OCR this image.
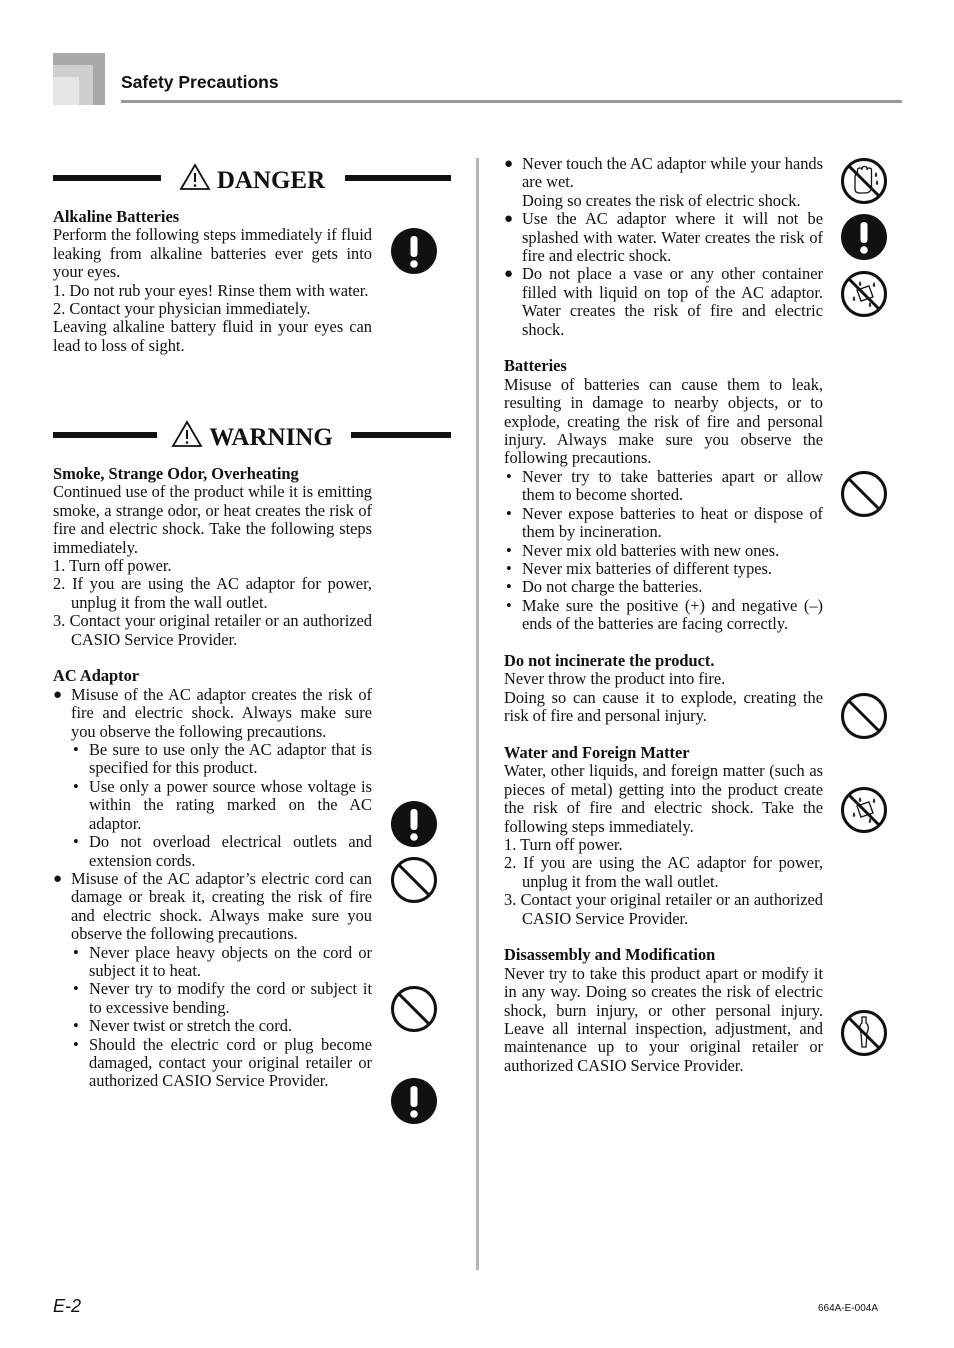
Safety Precautions
DANGER

Alkaline Batteries

Perform the following steps immediately if fluid leaking from alkaline batteries ever gets into your eyes.

1. Do not rub your eyes! Rinse them with water.

2. Contact your physician immediately.

Leaving alkaline battery fluid in your eyes can lead to loss of sight.

WARNING

Smoke, Strange Odor, Overheating

Continued use of the product while it is emitting smoke, a strange odor, or heat creates the risk of fire and electric shock. Take the following steps immediately.

1. Turn off power.

2. If you are using the AC adaptor for power, unplug it from the wall outlet.

3. Contact your original retailer or an authorized CASIO Service Provider.

AC Adaptor

● Misuse of the AC adaptor creates the risk of fire and electric shock. Always make sure you observe the following precautions.

• Be sure to use only the AC adaptor that is specified for this product.

• Use only a power source whose voltage is within the rating marked on the AC adaptor.

• Do not overload electrical outlets and extension cords.

● Misuse of the AC adaptor’s electric cord can damage or break it, creating the risk of fire and electric shock. Always make sure you observe the following precautions.

• Never place heavy objects on the cord or subject it to heat.

• Never try to modify the cord or subject it to excessive bending.

• Never twist or stretch the cord.

• Should the electric cord or plug become damaged, contact your original retailer or authorized CASIO Service Provider.

● Never touch the AC adaptor while your hands are wet.

Doing so creates the risk of electric shock.

● Use the AC adaptor where it will not be splashed with water. Water creates the risk of fire and electric shock.

● Do not place a vase or any other container filled with liquid on top of the AC adaptor. Water creates the risk of fire and electric shock.

Batteries

Misuse of batteries can cause them to leak, resulting in damage to nearby objects, or to explode, creating the risk of fire and personal injury. Always make sure you observe the following precautions.

• Never try to take batteries apart or allow them to become shorted.

• Never expose batteries to heat or dispose of them by incineration.

• Never mix old batteries with new ones.

• Never mix batteries of different types.

• Do not charge the batteries.

• Make sure the positive (+) and negative (–) ends of the batteries are facing correctly.

Do not incinerate the product.

Never throw the product into fire.

Doing so can cause it to explode, creating the risk of fire and personal injury.

Water and Foreign Matter

Water, other liquids, and foreign matter (such as pieces of metal) getting into the product create the risk of fire and electric shock. Take the following steps immediately.

1. Turn off power.

2. If you are using the AC adaptor for power, unplug it from the wall outlet.

3. Contact your original retailer or an authorized CASIO Service Provider.

Disassembly and Modification

Never try to take this product apart or modify it in any way. Doing so creates the risk of electric shock, burn injury, or other personal injury. Leave all internal inspection, adjustment, and maintenance up to your original retailer or authorized CASIO Service Provider.

E-2	664A-E-004A
